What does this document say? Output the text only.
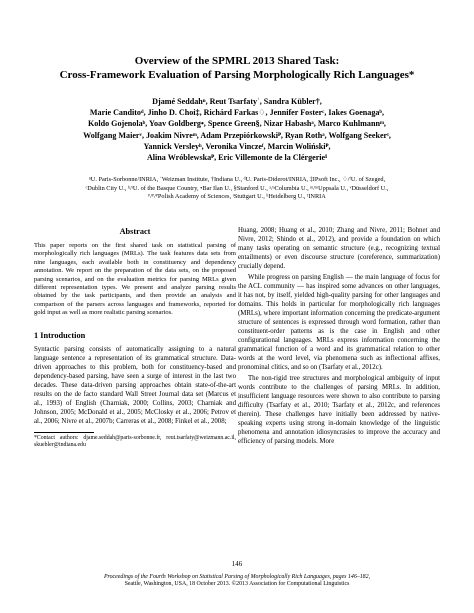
Overview of the SPMRL 2013 Shared Task:
Cross-Framework Evaluation of Parsing Morphologically Rich Languages*
Djamé Seddahⁿ, Reut Tsarfatyʿ, Sandra Kübler†,
Marie Canditoᵈ, Jinho D. Choi‡, Richárd Farkas♢, Jennifer Fosterᶜ, Iakes Goenagaᵇ,
Koldo Gojenolaᵇ, Yoav Goldberg•, Spence Green§, Nizar Habashᵃ, Marco Kuhlmannᵐ,
Wolfgang Maierᵛ, Joakim Nivreᵐ, Adam Przepiórkowskiᴾ, Ryan Rothᵃ, Wolfgang Seekerᵗ,
Yannick Versleyʰ, Veronika Vinczeᶠ, Marcin Wolińskiᴾ,
Alina Wróblewskaᴾ, Eric Villemonte de la Clérgerieᴵ
ⁿU. Paris-Sorbonne/INRIA, ʿWeizman Institute, †Indiana U., ᵈU. Paris-Diderot/INRIA, ‡IPsoft Inc., ♢/ᶠU. of Szeged,
ᶜDublin City U., ᵇ/ᵗU. of the Basque Country, •Bar Ilan U., §Stanford U., ᵃ/ᵃColumbia U., ᵐ/ᵐUppsala U., ᵛDüsseldorf U.,
ᴾ/ᴾ/ᴾPolish Academy of Sciences, ᵗStuttgart U., ʰHeidelberg U., ᴵINRIA
Abstract

This paper reports on the first shared task on statistical parsing of morphologically rich languages (MRLs). The task features data sets from nine languages, each available both in constituency and dependency annotation. We report on the preparation of the data sets, on the proposed parsing scenarios, and on the evaluation metrics for parsing MRLs given different representation types. We present and analyze parsing results obtained by the task participants, and then provide an analysis and comparison of the parsers across languages and frameworks, reported for gold input as well as more realistic parsing scenarios.

1 Introduction

Syntactic parsing consists of automatically assigning to a natural language sentence a representation of its grammatical structure. Data-driven approaches to this problem, both for constituency-based and dependency-based parsing, have seen a surge of interest in the last two decades. These data-driven parsing approaches obtain state-of-the-art results on the de facto standard Wall Street Journal data set (Marcus et al., 1993) of English (Charniak, 2000; Collins, 2003; Charniak and Johnson, 2005; McDonald et al., 2005; McClosky et al., 2006; Petrov et al., 2006; Nivre et al., 2007b; Carreras et al., 2008; Finkel et al., 2008;

*Contact authors: djame.seddah@paris-sorbonne.fr, reut.tsarfaty@weizmann.ac.il, skuebler@indiana.edu

Huang, 2008; Huang et al., 2010; Zhang and Nivre, 2011; Bohnet and Nivre, 2012; Shindo et al., 2012), and provide a foundation on which many tasks operating on semantic structure (e.g., recognizing textual entailments) or even discourse structure (coreference, summarization) crucially depend.

While progress on parsing English — the main language of focus for the ACL community — has inspired some advances on other languages, it has not, by itself, yielded high-quality parsing for other languages and domains. This holds in particular for morphologically rich languages (MRLs), where important information concerning the predicate-argument structure of sentences is expressed through word formation, rather than constituent-order patterns as is the case in English and other configurational languages. MRLs express information concerning the grammatical function of a word and its grammatical relation to other words at the word level, via phenomena such as inflectional affixes, pronominal clitics, and so on (Tsarfaty et al., 2012c).

The non-rigid tree structures and morphological ambiguity of input words contribute to the challenges of parsing MRLs. In addition, insufficient language resources were shown to also contribute to parsing difficulty (Tsarfaty et al., 2010; Tsarfaty et al., 2012c, and references therein). These challenges have initially been addressed by native-speaking experts using strong in-domain knowledge of the linguistic phenomena and annotation idiosyncrasies to improve the accuracy and efficiency of parsing models. More

146
Proceedings of the Fourth Workshop on Statistical Parsing of Morphologically Rich Languages, pages 146–182,
Seattle, Washington, USA, 18 October 2013. ©2013 Association for Computational Linguistics
